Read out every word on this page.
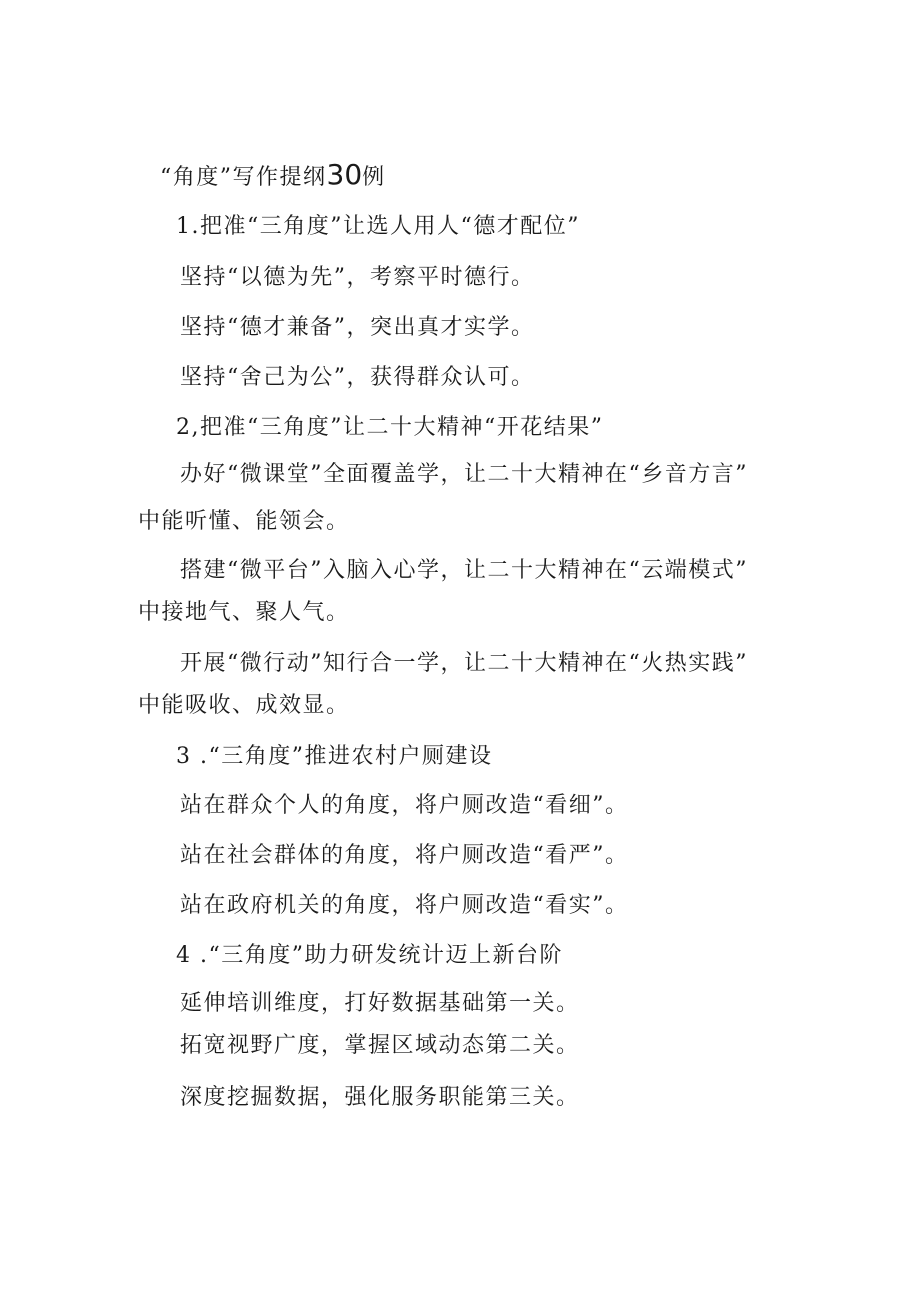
“角度”写作提纲30例
1.把准“三角度”让选人用人“德才配位”
坚持“以德为先”，考察平时德行。
坚持“德才兼备”，突出真才实学。
坚持“舍己为公”，获得群众认可。
2,把准“三角度”让二十大精神“开花结果”
办好“微课堂”全面覆盖学，让二十大精神在“乡音方言”
中能听懂、能领会。
搭建“微平台”入脑入心学，让二十大精神在“云端模式”
中接地气、聚人气。
开展“微行动”知行合一学，让二十大精神在“火热实践”
中能吸收、成效显。
3 .“三角度”推进农村户厕建设
站在群众个人的角度，将户厕改造“看细”。
站在社会群体的角度，将户厕改造“看严”。
站在政府机关的角度，将户厕改造“看实”。
4 .“三角度”助力研发统计迈上新台阶
延伸培训维度，打好数据基础第一关。
拓宽视野广度，掌握区域动态第二关。
深度挖掘数据，强化服务职能第三关。
